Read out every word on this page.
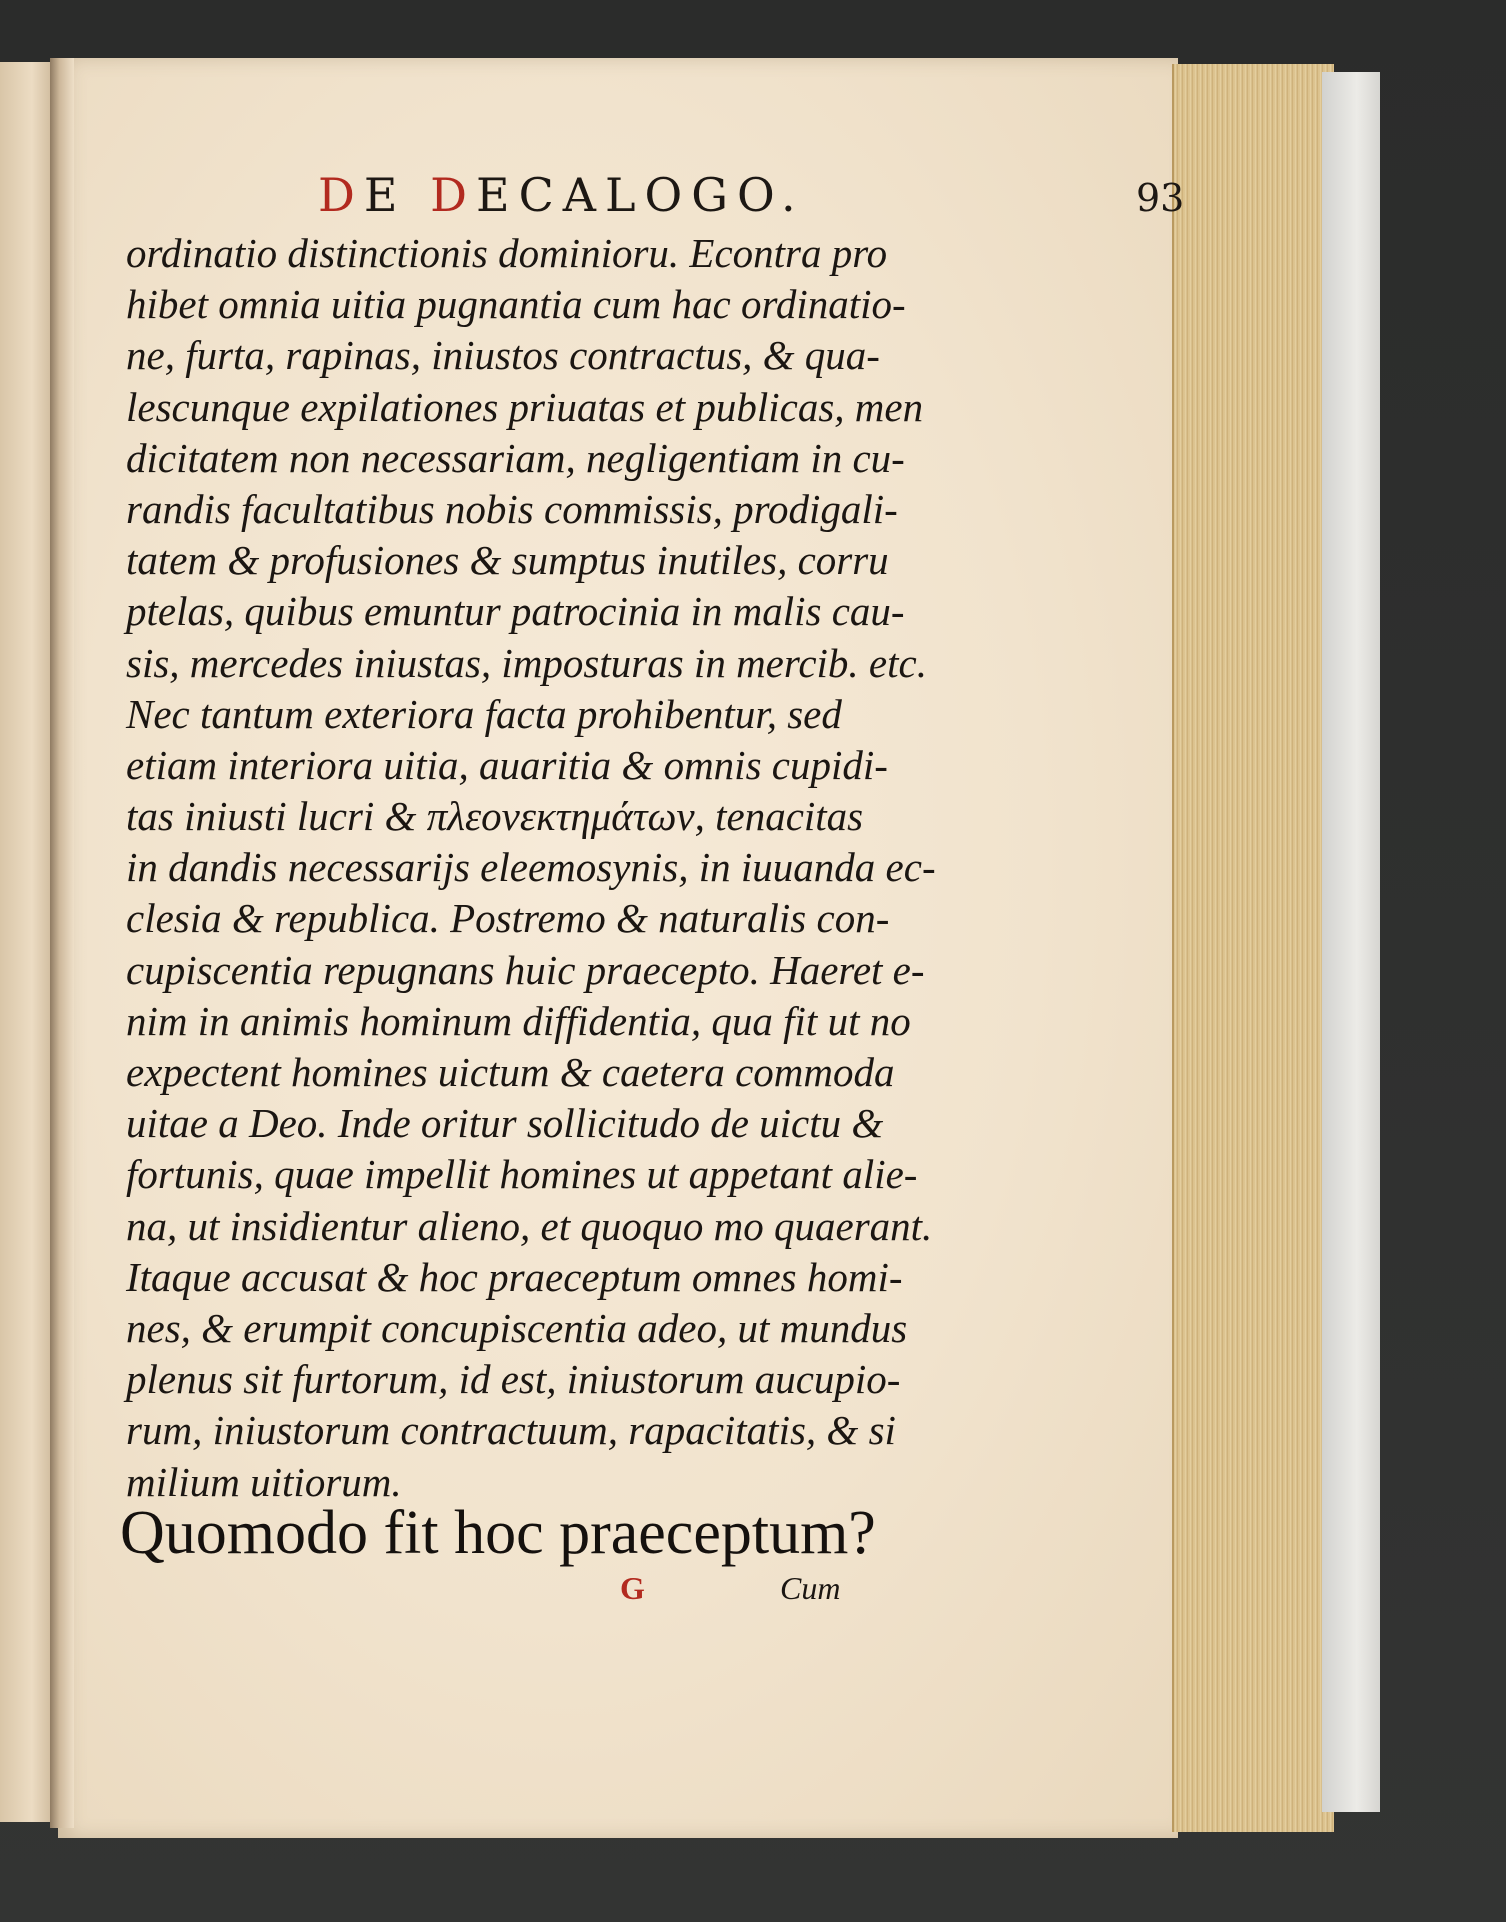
DE DECALOGO.	93
ordinatio distinctionis dominioru. Econtra pro
hibet omnia uitia pugnantia cum hac ordinatio-
ne, furta, rapinas, iniustos contractus, & qua-
lescunque expilationes priuatas et publicas, men
dicitatem non necessariam, negligentiam in cu-
randis facultatibus nobis commissis, prodigali-
tatem & profusiones & sumptus inutiles, corru
ptelas, quibus emuntur patrocinia in malis cau-
sis, mercedes iniustas, imposturas in mercib. etc.
Nec tantum exteriora facta prohibentur, sed
etiam interiora uitia, auaritia & omnis cupidi-
tas iniusti lucri & πλεονεκτημάτων, tenacitas
in dandis necessarijs eleemosynis, in iuuanda ec-
clesia & republica. Postremo & naturalis con-
cupiscentia repugnans huic praecepto. Haeret e-
nim in animis hominum diffidentia, qua fit ut no
expectent homines uictum & caetera commoda
uitae a Deo. Inde oritur sollicitudo de uictu &
fortunis, quae impellit homines ut appetant alie-
na, ut insidientur alieno, et quoquo mo quaerant.
Itaque accusat & hoc praeceptum omnes homi-
nes, & erumpit concupiscentia adeo, ut mundus
plenus sit furtorum, id est, iniustorum aucupio-
rum, iniustorum contractuum, rapacitatis, & si
milium uitiorum.
Quomodo fit hoc praeceptum?
G	Cum
